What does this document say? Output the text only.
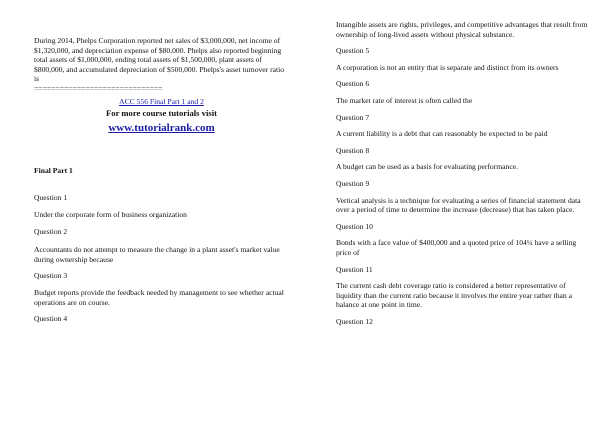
During 2014, Phelps Corporation reported net sales of $3,000,000, net income of $1,320,000, and depreciation expense of $80,000. Phelps also reported beginning total assets of $1,000,000, ending total assets of $1,500,000, plant assets of $800,000, and accumulated depreciation of $500,000. Phelps's asset turnover ratio is

==============================

ACC 556 Final Part 1 and 2

For more course tutorials visit

www.tutorialrank.com

Final Part 1

Question 1

Under the corporate form of business organization

Question 2

Accountants do not attempt to measure the change in a plant asset's market value during ownership because

Question 3

Budget reports provide the feedback needed by management to see whether actual operations are on course.

Question 4

Intangible assets are rights, privileges, and competitive advantages that result from ownership of long-lived assets without physical substance.

Question 5

A corporation is not an entity that is separate and distinct from its owners

Question 6

The market rate of interest is often called the

Question 7

A current liability is a debt that can reasonably be expected to be paid

Question 8

A budget can be used as a basis for evaluating performance.

Question 9

Vertical analysis is a technique for evaluating a series of financial statement data over a period of time to determine the increase (decrease) that has taken place.

Question 10

Bonds with a face value of $400,000 and a quoted price of 104¼ have a selling price of

Question 11

The current cash debt coverage ratio is considered a better representative of liquidity than the current ratio because it involves the entire year rather than a balance at one point in time.

Question 12
